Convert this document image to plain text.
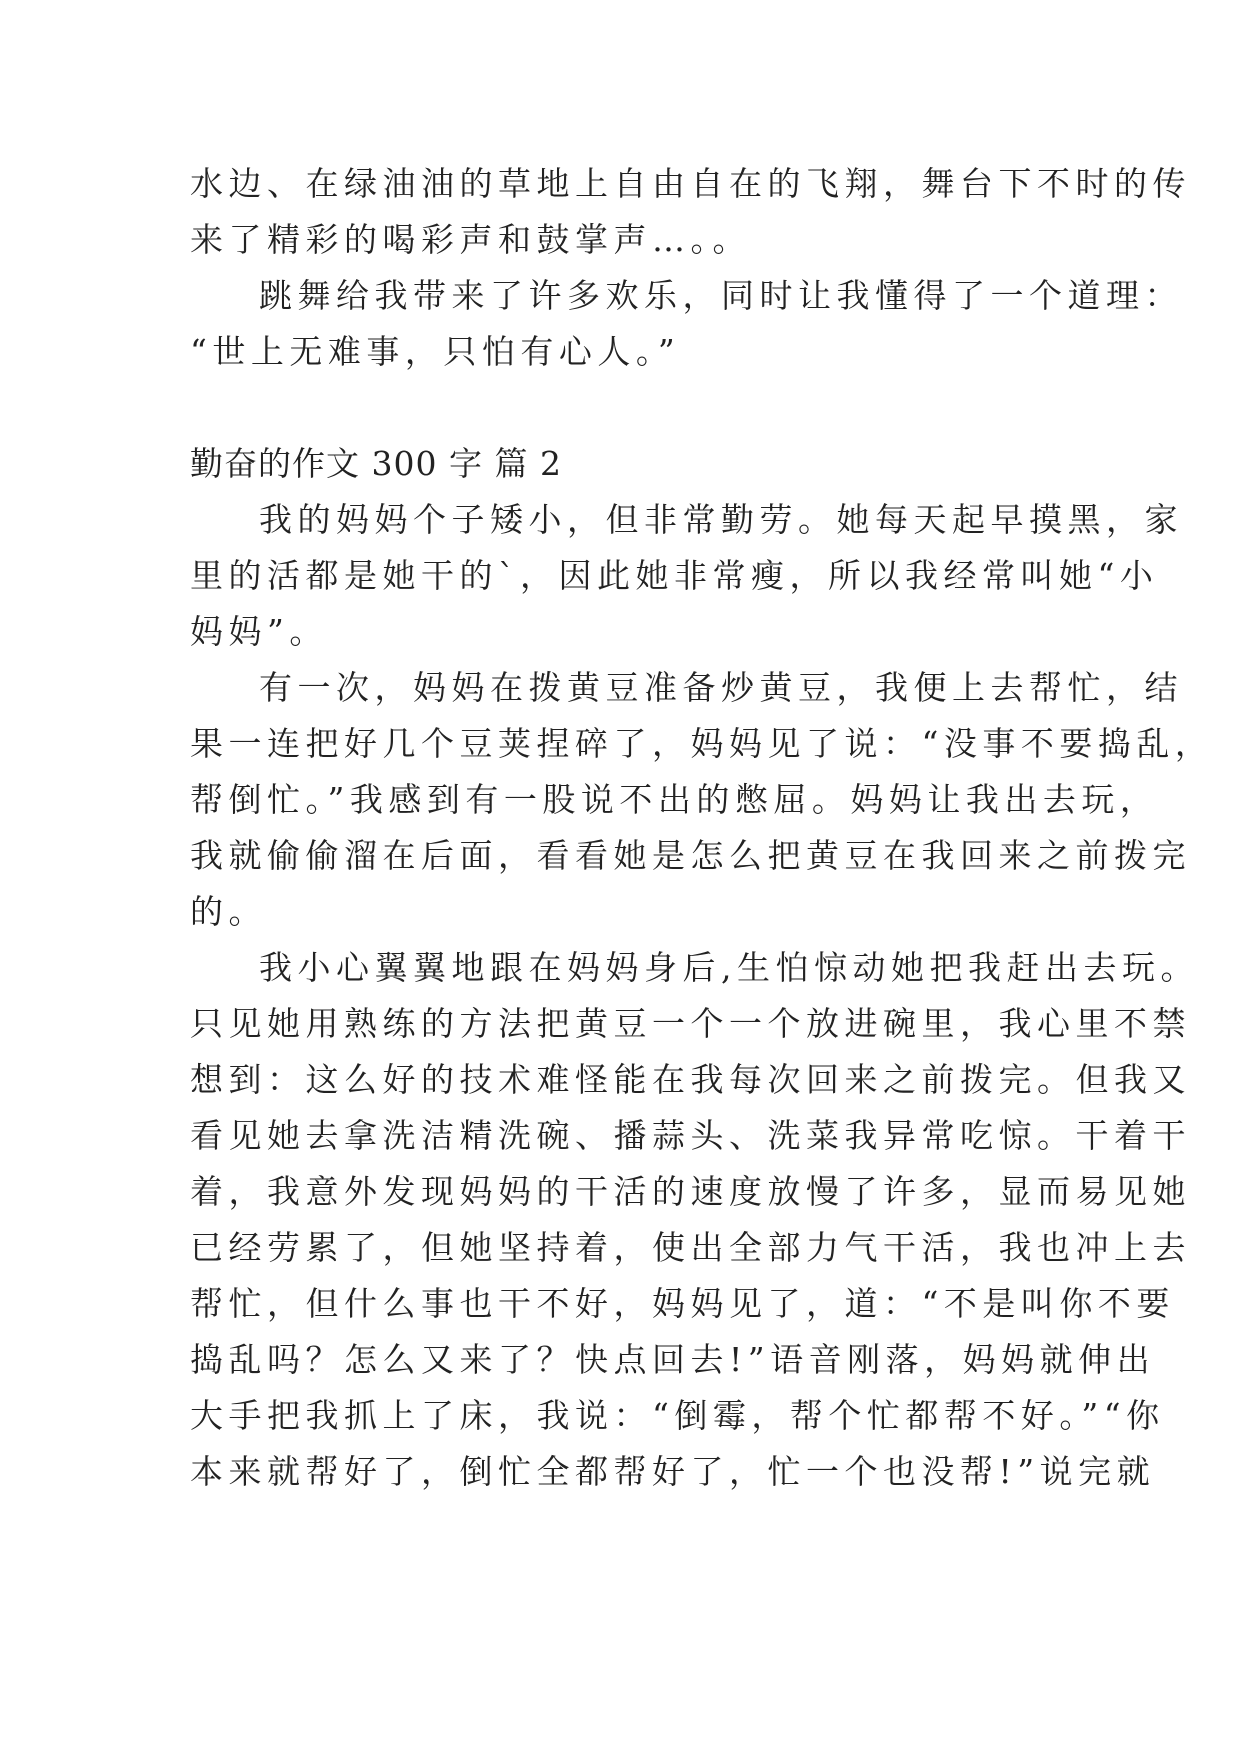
水边、在绿油油的草地上自由自在的飞翔，舞台下不时的传
来了精彩的喝彩声和鼓掌声…。。
跳舞给我带来了许多欢乐，同时让我懂得了一个道理：
“世上无难事，只怕有心人。”
勤奋的作文 300 字 篇 2
我的妈妈个子矮小，但非常勤劳。她每天起早摸黑，家
里的活都是她干的`，因此她非常瘦，所以我经常叫她“小
妈妈”。
有一次，妈妈在拨黄豆准备炒黄豆，我便上去帮忙，结
果一连把好几个豆荚捏碎了，妈妈见了说：“没事不要捣乱，
帮倒忙。”我感到有一股说不出的憋屈。妈妈让我出去玩，
我就偷偷溜在后面，看看她是怎么把黄豆在我回来之前拨完
的。
我小心翼翼地跟在妈妈身后,生怕惊动她把我赶出去玩。
只见她用熟练的方法把黄豆一个一个放进碗里，我心里不禁
想到：这么好的技术难怪能在我每次回来之前拨完。但我又
看见她去拿洗洁精洗碗、播蒜头、洗菜我异常吃惊。干着干
着，我意外发现妈妈的干活的速度放慢了许多，显而易见她
已经劳累了，但她坚持着，使出全部力气干活，我也冲上去
帮忙，但什么事也干不好，妈妈见了，道：“不是叫你不要
捣乱吗？怎么又来了？快点回去!”语音刚落，妈妈就伸出
大手把我抓上了床，我说：“倒霉，帮个忙都帮不好。”“你
本来就帮好了，倒忙全都帮好了，忙一个也没帮!”说完就
